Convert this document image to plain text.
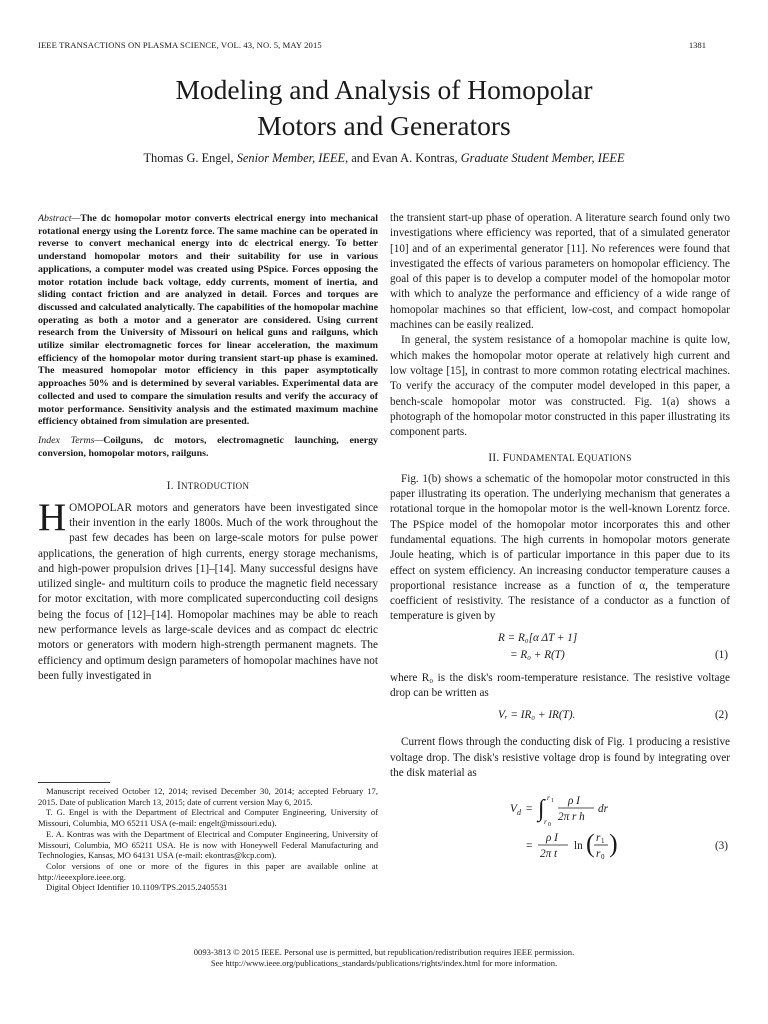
IEEE TRANSACTIONS ON PLASMA SCIENCE, VOL. 43, NO. 5, MAY 2015	1381
Modeling and Analysis of Homopolar
Motors and Generators
Thomas G. Engel, Senior Member, IEEE, and Evan A. Kontras, Graduate Student Member, IEEE
Abstract—The dc homopolar motor converts electrical energy into mechanical rotational energy using the Lorentz force. The same machine can be operated in reverse to convert mechanical energy into dc electrical energy. To better understand homopolar motors and their suitability for use in various applications, a computer model was created using PSpice. Forces opposing the motor rotation include back voltage, eddy currents, moment of inertia, and sliding contact friction and are analyzed in detail. Forces and torques are discussed and calculated analytically. The capabilities of the homopolar machine operating as both a motor and a generator are considered. Using current research from the University of Missouri on helical guns and railguns, which utilize similar electromagnetic forces for linear acceleration, the maximum efficiency of the homopolar motor during transient start-up phase is examined. The measured homopolar motor efficiency in this paper asymptotically approaches 50% and is determined by several variables. Experimental data are collected and used to compare the simulation results and verify the accuracy of motor performance. Sensitivity analysis and the estimated maximum machine efficiency obtained from simulation are presented.
Index Terms—Coilguns, dc motors, electromagnetic launching, energy conversion, homopolar motors, railguns.
I. INTRODUCTION

HOMOPOLAR motors and generators have been investigated since their invention in the early 1800s. Much of the work throughout the past few decades has been on large-scale motors for pulse power applications, the generation of high currents, energy storage mechanisms, and high-power propulsion drives [1]–[14]. Many successful designs have utilized single- and multiturn coils to produce the magnetic field necessary for motor excitation, with more complicated superconducting coil designs being the focus of [12]–[14]. Homopolar machines may be able to reach new performance levels as large-scale devices and as compact dc electric motors or generators with modern high-strength permanent magnets. The efficiency and optimum design parameters of homopolar machines have not been fully investigated in

Manuscript received October 12, 2014; revised December 30, 2014; accepted February 17, 2015. Date of publication March 13, 2015; date of current version May 6, 2015.
T. G. Engel is with the Department of Electrical and Computer Engineering, University of Missouri, Columbia, MO 65211 USA (e-mail: engelt@missouri.edu).
E. A. Kontras was with the Department of Electrical and Computer Engineering, University of Missouri, Columbia, MO 65211 USA. He is now with Honeywell Federal Manufacturing and Technologies, Kansas, MO 64131 USA (e-mail: ekontras@kcp.com).
Color versions of one or more of the figures in this paper are available online at http://ieeexplore.ieee.org.
Digital Object Identifier 10.1109/TPS.2015.2405531

the transient start-up phase of operation. A literature search found only two investigations where efficiency was reported, that of a simulated generator [10] and of an experimental generator [11]. No references were found that investigated the effects of various parameters on homopolar efficiency. The goal of this paper is to develop a computer model of the homopolar motor with which to analyze the performance and efficiency of a wide range of homopolar machines so that efficient, low-cost, and compact homopolar machines can be easily realized.

In general, the system resistance of a homopolar machine is quite low, which makes the homopolar motor operate at relatively high current and low voltage [15], in contrast to more common rotating electrical machines. To verify the accuracy of the computer model developed in this paper, a bench-scale homopolar motor was constructed. Fig. 1(a) shows a photograph of the homopolar motor constructed in this paper illustrating its component parts.

II. FUNDAMENTAL EQUATIONS

Fig. 1(b) shows a schematic of the homopolar motor constructed in this paper illustrating its operation. The underlying mechanism that generates a rotational torque in the homopolar motor is the well-known Lorentz force. The PSpice model of the homopolar motor incorporates this and other fundamental equations. The high currents in homopolar motors generate Joule heating, which is of particular importance in this paper due to its effect on system efficiency. An increasing conductor temperature causes a proportional resistance increase as a function of α, the temperature coefficient of resistivity. The resistance of a conductor as a function of temperature is given by

R = R₀[α ΔT + 1]
= R₀ + R(T)	(1)

where R₀ is the disk's room-temperature resistance. The resistive voltage drop can be written as

Vᵣ = IR₀ + IR(T).	(2)

Current flows through the conducting disk of Fig. 1 producing a resistive voltage drop. The disk's resistive voltage drop is found by integrating over the disk material as

V d = ∫ r 1
r 0
ρ I
2π r h
dr
=
ρ I
2π t
ln ( r 1
r 0 )	(3)
0093-3813 © 2015 IEEE. Personal use is permitted, but republication/redistribution requires IEEE permission.
See http://www.ieee.org/publications_standards/publications/rights/index.html for more information.
